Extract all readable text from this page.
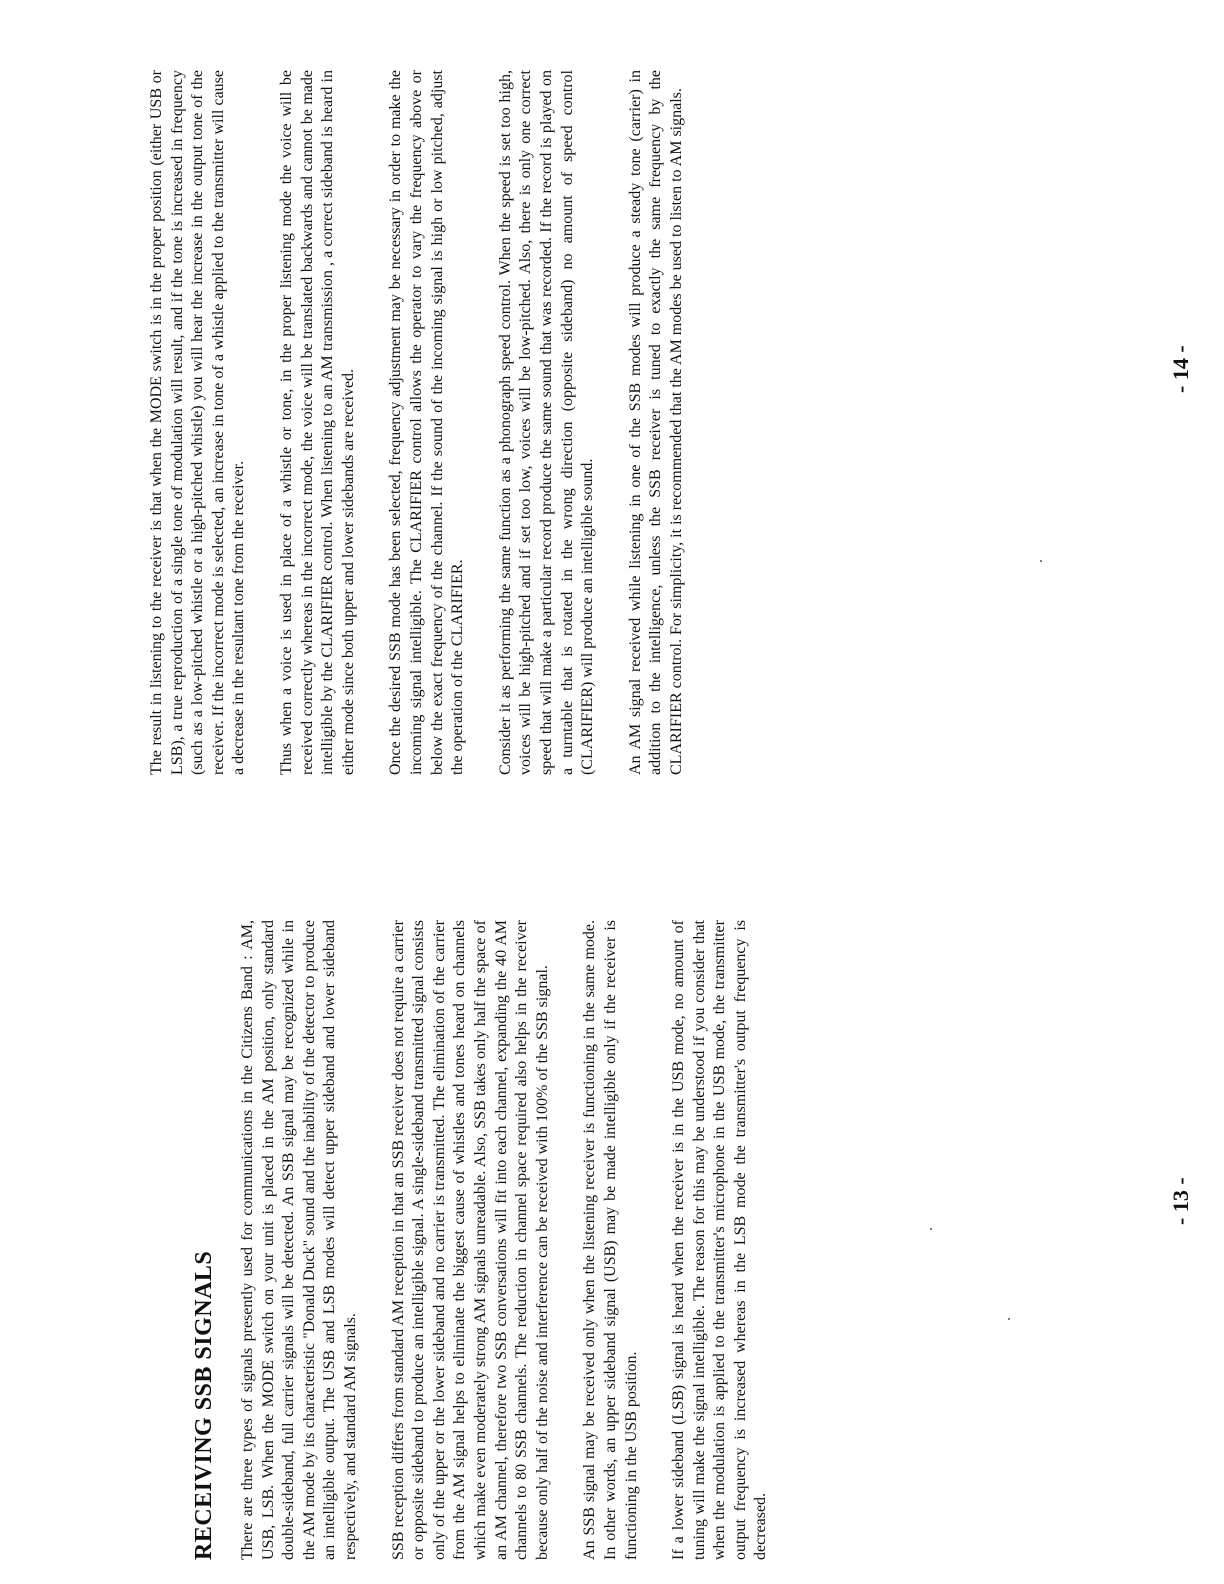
RECEIVING SSB SIGNALS There are three types of signals presently used for communications in the Citizens Band : AM, USB, LSB. When the MODE switch on your unit is placed in the AM position, only standard double-sideband, full carrier signals will be detected. An SSB signal may be recognized while in the AM mode by its characteristic "Donald Duck" sound and the inability of the detector to produce an intelligible output. The USB and LSB modes will detect upper sideband and lower sideband respectively, and standard AM signals. SSB reception differs from standard AM reception in that an SSB receiver does not require a carrier or opposite sideband to produce an intelligible signal. A single-sideband transmitted signal consists only of the upper or the lower sideband and no carrier is transmitted. The elimination of the carrier from the AM signal helps to eliminate the biggest cause of whistles and tones heard on channels which make even moderately strong AM signals unreadable. Also, SSB takes only half the space of an AM channel, therefore two SSB conversations will fit into each channel, expanding the 40 AM channels to 80 SSB channels. The reduction in channel space required also helps in the receiver because only half of the noise and interference can be received with 100% of the SSB signal. An SSB signal may be received only when the listening receiver is functioning in the same mode. In other words, an upper sideband signal (USB) may be made intelligible only if the receiver is functioning in the USB position. If a lower sideband (LSB) signal is heard when the receiver is in the USB mode, no amount of tuning will make the signal intelligible. The reason for this may be understood if you consider that when the modulation is applied to the transmitter's microphone in the USB mode, the transmitter output frequency is increased whereas in the LSB mode the transmitter's output frequency is decreased.

The result in listening to the receiver is that when the MODE switch is in the proper position (either USB or LSB), a true reproduction of a single tone of modulation will result, and if the tone is increased in frequency (such as a low-pitched whistle or a high-pitched whistle) you will hear the increase in the output tone of the receiver. If the incorrect mode is selected, an increase in tone of a whistle applied to the transmitter will cause a decrease in the resultant tone from the receiver. Thus when a voice is used in place of a whistle or tone, in the proper listening mode the voice will be received correctly whereas in the incorrect mode, the voice will be translated backwards and cannot be made intelligible by the CLARIFIER control. When listening to an AM transmission , a correct sideband is heard in either mode since both upper and lower sidebands are received. Once the desired SSB mode has been selected, frequency adjustment may be necessary in order to make the incoming signal intelligible. The CLARIFIER control allows the operator to vary the frequency above or below the exact frequency of the channel. If the sound of the incoming signal is high or low pitched, adjust the operation of the CLARIFIER. Consider it as performing the same function as a phonograph speed control. When the speed is set too high, voices will be high-pitched and if set too low, voices will be low-pitched. Also, there is only one correct speed that will make a particular record produce the same sound that was recorded. If the record is played on a turntable that is rotated in the wrong direction (opposite sideband) no amount of speed control (CLARIFIER) will produce an intelligible sound. An AM signal received while listening in one of the SSB modes will produce a steady tone (carrier) in addition to the intelligence, unless the SSB receiver is tuned to exactly the same frequency by the CLARIFIER control. For simplicity, it is recommended that the AM modes be used to listen to AM signals.

- 13 -
- 14 -
